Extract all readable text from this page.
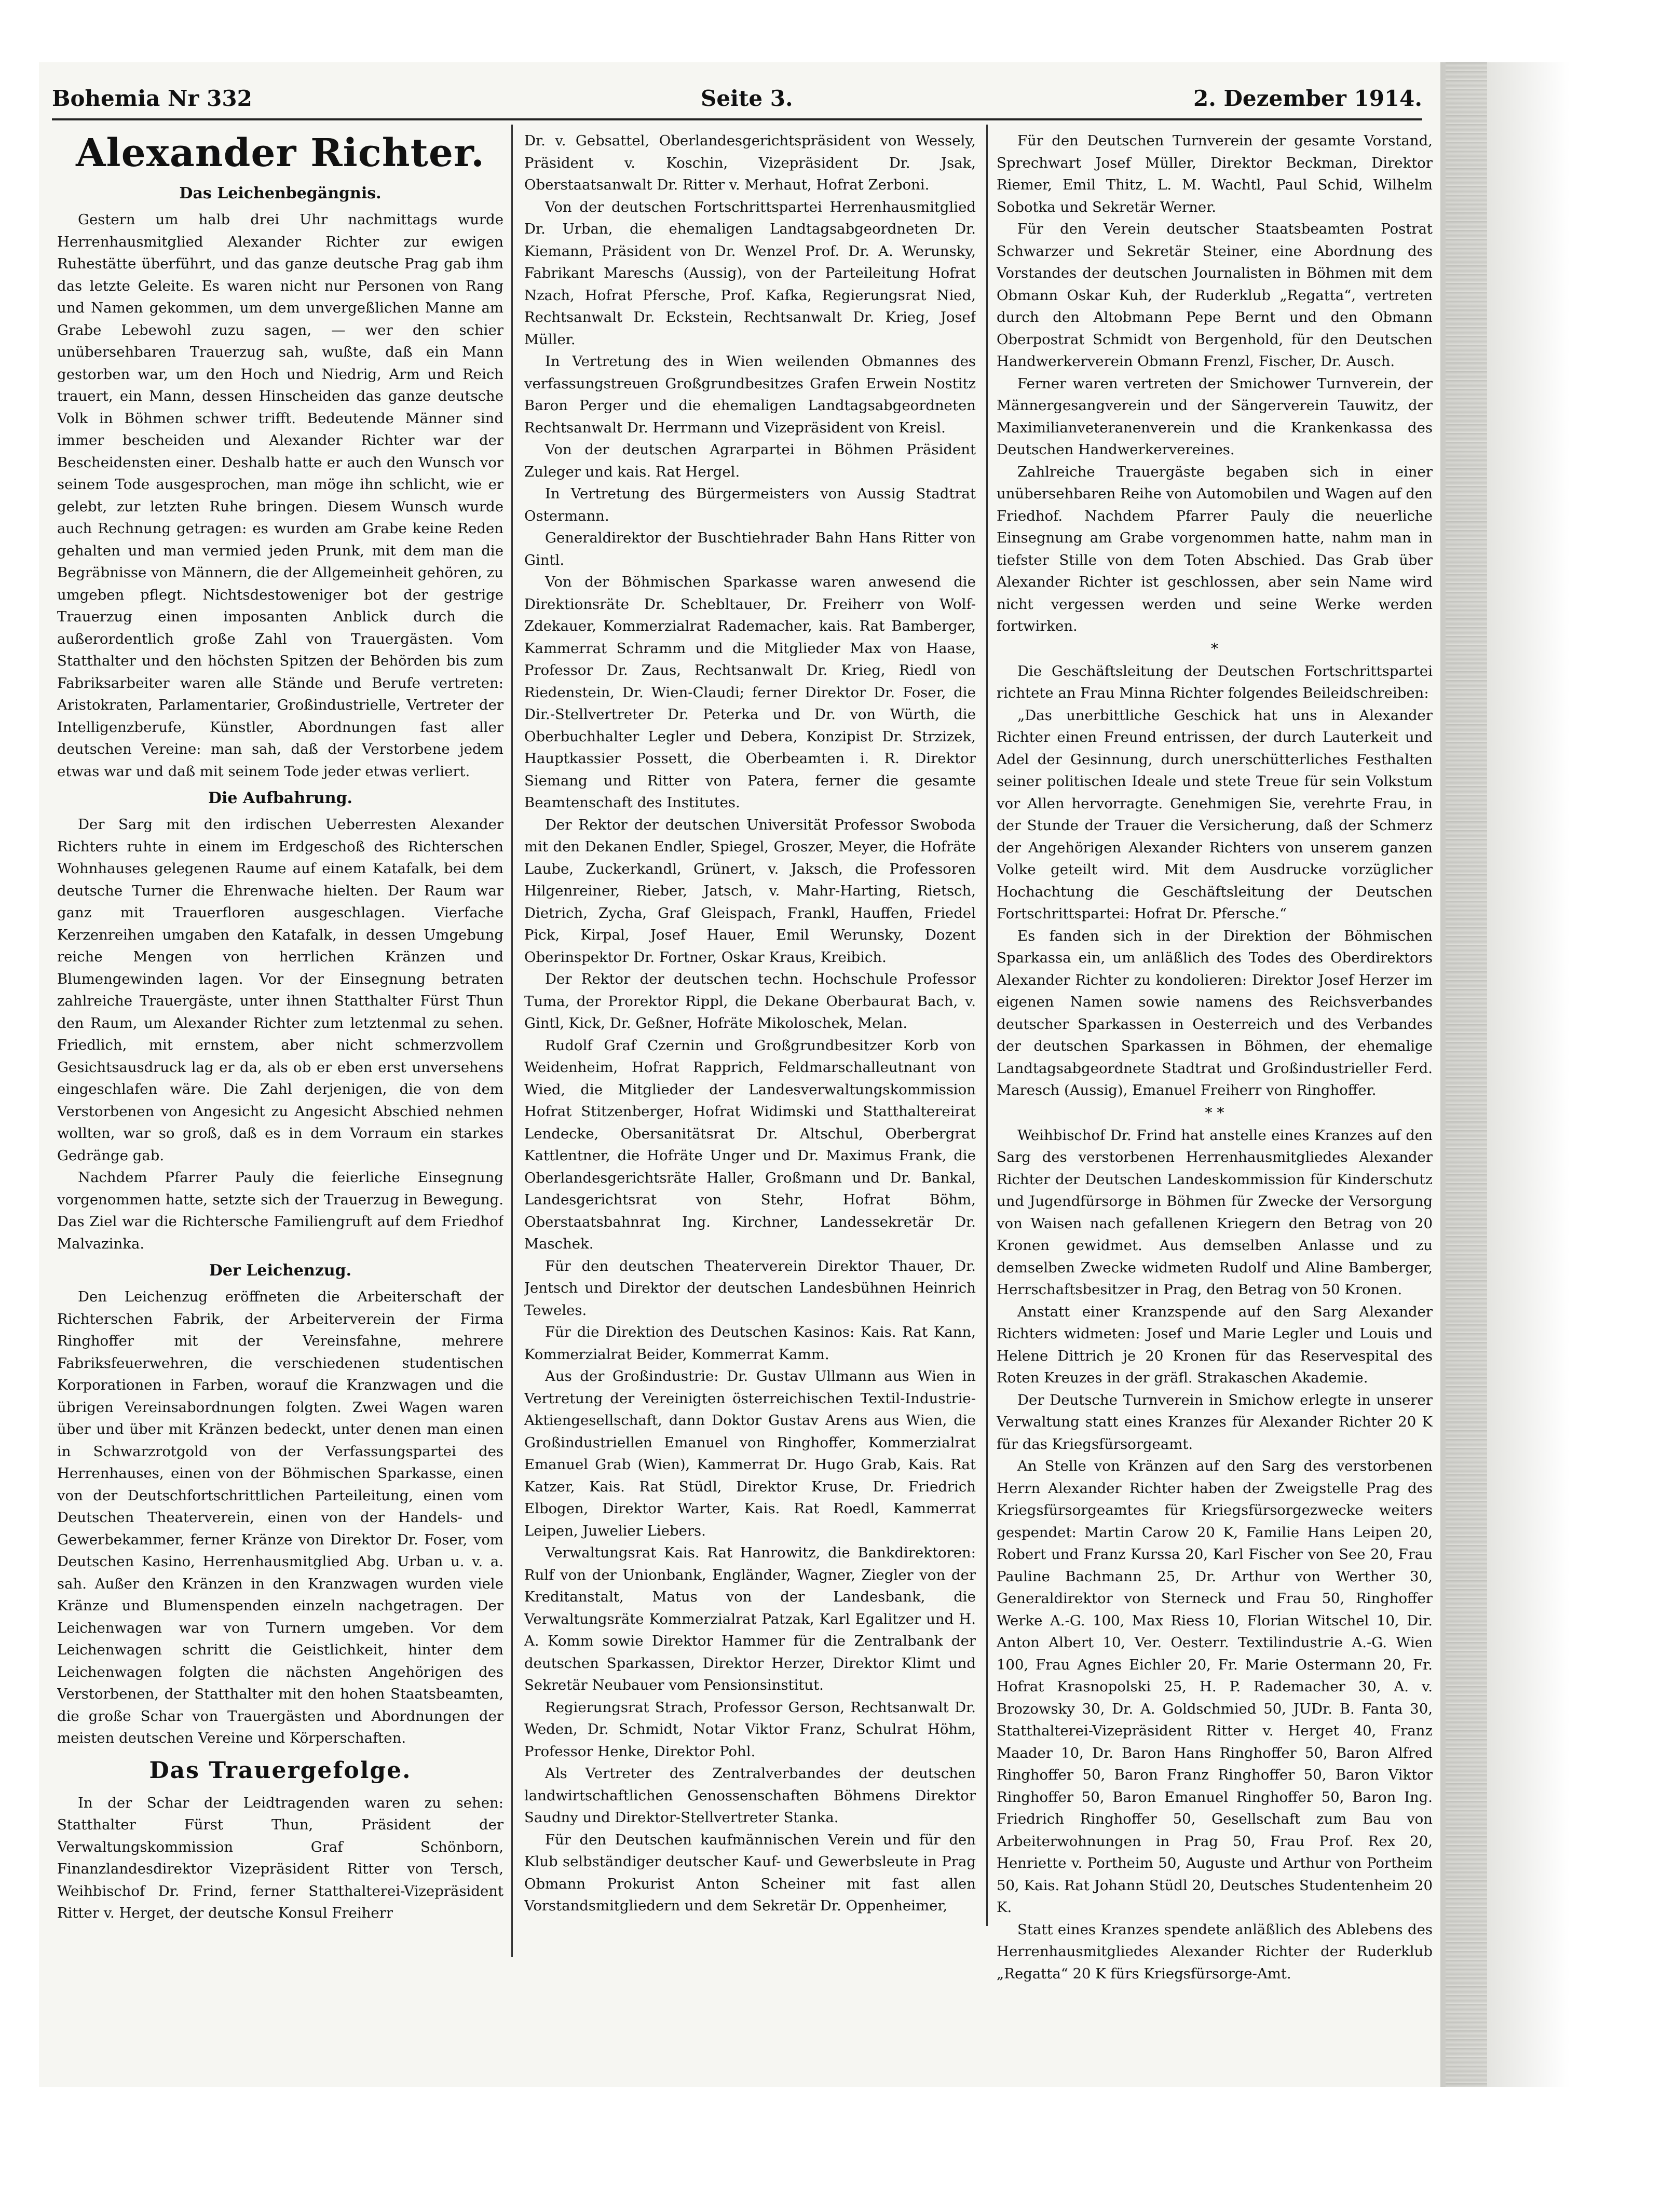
Bohemia Nr 332	Seite 3.	2. Dezember 1914.
Alexander Richter.
Das Leichenbegängnis.

Gestern um halb drei Uhr nachmittags wurde Herrenhausmitglied Alexander Richter zur ewigen Ruhestätte überführt, und das ganze deutsche Prag gab ihm das letzte Geleite. Es waren nicht nur Personen von Rang und Namen gekommen, um dem unvergeßlichen Manne am Grabe Lebewohl zuzu sagen, — wer den schier unübersehbaren Trauerzug sah, wußte, daß ein Mann gestorben war, um den Hoch und Niedrig, Arm und Reich trauert, ein Mann, dessen Hinscheiden das ganze deutsche Volk in Böhmen schwer trifft. Bedeutende Männer sind immer bescheiden und Alexander Richter war der Bescheidensten einer. Deshalb hatte er auch den Wunsch vor seinem Tode ausgesprochen, man möge ihn schlicht, wie er gelebt, zur letzten Ruhe bringen. Diesem Wunsch wurde auch Rechnung getragen: es wurden am Grabe keine Reden gehalten und man vermied jeden Prunk, mit dem man die Begräbnisse von Männern, die der Allgemeinheit gehören, zu umgeben pflegt. Nichtsdestoweniger bot der gestrige Trauerzug einen imposanten Anblick durch die außerordentlich große Zahl von Trauergästen. Vom Statthalter und den höchsten Spitzen der Behörden bis zum Fabriksarbeiter waren alle Stände und Berufe vertreten: Aristokraten, Parlamentarier, Großindustrielle, Vertreter der Intelligenzberufe, Künstler, Abordnungen fast aller deutschen Vereine: man sah, daß der Verstorbene jedem etwas war und daß mit seinem Tode jeder etwas verliert.

Die Aufbahrung.

Der Sarg mit den irdischen Ueberresten Alexander Richters ruhte in einem im Erdgeschoß des Richterschen Wohnhauses gelegenen Raume auf einem Katafalk, bei dem deutsche Turner die Ehrenwache hielten. Der Raum war ganz mit Trauerfloren ausgeschlagen. Vierfache Kerzenreihen umgaben den Katafalk, in dessen Umgebung reiche Mengen von herrlichen Kränzen und Blumengewinden lagen. Vor der Einsegnung betraten zahlreiche Trauergäste, unter ihnen Statthalter Fürst Thun den Raum, um Alexander Richter zum letztenmal zu sehen. Friedlich, mit ernstem, aber nicht schmerzvollem Gesichtsausdruck lag er da, als ob er eben erst unversehens eingeschlafen wäre. Die Zahl derjenigen, die von dem Verstorbenen von Angesicht zu Angesicht Abschied nehmen wollten, war so groß, daß es in dem Vorraum ein starkes Gedränge gab.

Nachdem Pfarrer Pauly die feierliche Einsegnung vorgenommen hatte, setzte sich der Trauerzug in Bewegung. Das Ziel war die Richtersche Familiengruft auf dem Friedhof Malvazinka.

Der Leichenzug.

Den Leichenzug eröffneten die Arbeiterschaft der Richterschen Fabrik, der Arbeiterverein der Firma Ringhoffer mit der Vereinsfahne, mehrere Fabriksfeuerwehren, die verschiedenen studentischen Korporationen in Farben, worauf die Kranzwagen und die übrigen Vereinsabordnungen folgten. Zwei Wagen waren über und über mit Kränzen bedeckt, unter denen man einen in Schwarzrotgold von der Verfassungspartei des Herrenhauses, einen von der Böhmischen Sparkasse, einen von der Deutschfortschrittlichen Parteileitung, einen vom Deutschen Theaterverein, einen von der Handels- und Gewerbekammer, ferner Kränze von Direktor Dr. Foser, vom Deutschen Kasino, Herrenhausmitglied Abg. Urban u. v. a. sah. Außer den Kränzen in den Kranzwagen wurden viele Kränze und Blumenspenden einzeln nachgetragen. Der Leichenwagen war von Turnern umgeben. Vor dem Leichenwagen schritt die Geistlichkeit, hinter dem Leichenwagen folgten die nächsten Angehörigen des Verstorbenen, der Statthalter mit den hohen Staatsbeamten, die große Schar von Trauergästen und Abordnungen der meisten deutschen Vereine und Körperschaften.

Das Trauergefolge.

In der Schar der Leidtragenden waren zu sehen: Statthalter Fürst Thun, Präsident der Verwaltungskommission Graf Schönborn, Finanzlandesdirektor Vizepräsident Ritter von Tersch, Weihbischof Dr. Frind, ferner Statthalterei-Vizepräsident Ritter v. Herget, der deutsche Konsul Freiherr

Dr. v. Gebsattel, Oberlandesgerichtspräsident von Wessely, Präsident v. Koschin, Vizepräsident Dr. Jsak, Oberstaatsanwalt Dr. Ritter v. Merhaut, Hofrat Zerboni.

Von der deutschen Fortschrittspartei Herrenhausmitglied Dr. Urban, die ehemaligen Landtagsabgeordneten Dr. Kiemann, Präsident von Dr. Wenzel Prof. Dr. A. Werunsky, Fabrikant Mareschs (Aussig), von der Parteileitung Hofrat Nzach, Hofrat Pfersche, Prof. Kafka, Regierungsrat Nied, Rechtsanwalt Dr. Eckstein, Rechtsanwalt Dr. Krieg, Josef Müller.

In Vertretung des in Wien weilenden Obmannes des verfassungstreuen Großgrundbesitzes Grafen Erwein Nostitz Baron Perger und die ehemaligen Landtagsabgeordneten Rechtsanwalt Dr. Herrmann und Vizepräsident von Kreisl.

Von der deutschen Agrarpartei in Böhmen Präsident Zuleger und kais. Rat Hergel.

In Vertretung des Bürgermeisters von Aussig Stadtrat Ostermann.

Generaldirektor der Buschtiehrader Bahn Hans Ritter von Gintl.

Von der Böhmischen Sparkasse waren anwesend die Direktionsräte Dr. Schebltauer, Dr. Freiherr von Wolf-Zdekauer, Kommerzialrat Rademacher, kais. Rat Bamberger, Kammerrat Schramm und die Mitglieder Max von Haase, Professor Dr. Zaus, Rechtsanwalt Dr. Krieg, Riedl von Riedenstein, Dr. Wien-Claudi; ferner Direktor Dr. Foser, die Dir.-Stellvertreter Dr. Peterka und Dr. von Würth, die Oberbuchhalter Legler und Debera, Konzipist Dr. Strzizek, Hauptkassier Possett, die Oberbeamten i. R. Direktor Siemang und Ritter von Patera, ferner die gesamte Beamtenschaft des Institutes.

Der Rektor der deutschen Universität Professor Swoboda mit den Dekanen Endler, Spiegel, Groszer, Meyer, die Hofräte Laube, Zuckerkandl, Grünert, v. Jaksch, die Professoren Hilgenreiner, Rieber, Jatsch, v. Mahr-Harting, Rietsch, Dietrich, Zycha, Graf Gleispach, Frankl, Hauffen, Friedel Pick, Kirpal, Josef Hauer, Emil Werunsky, Dozent Oberinspektor Dr. Fortner, Oskar Kraus, Kreibich.

Der Rektor der deutschen techn. Hochschule Professor Tuma, der Prorektor Rippl, die Dekane Oberbaurat Bach, v. Gintl, Kick, Dr. Geßner, Hofräte Mikoloschek, Melan.

Rudolf Graf Czernin und Großgrundbesitzer Korb von Weidenheim, Hofrat Rapprich, Feldmarschalleutnant von Wied, die Mitglieder der Landesverwaltungskommission Hofrat Stitzenberger, Hofrat Widimski und Statthaltereirat Lendecke, Obersanitätsrat Dr. Altschul, Oberbergrat Kattlentner, die Hofräte Unger und Dr. Maximus Frank, die Oberlandesgerichtsräte Haller, Großmann und Dr. Bankal, Landesgerichtsrat von Stehr, Hofrat Böhm, Oberstaatsbahnrat Ing. Kirchner, Landessekretär Dr. Maschek.

Für den deutschen Theaterverein Direktor Thauer, Dr. Jentsch und Direktor der deutschen Landesbühnen Heinrich Teweles.

Für die Direktion des Deutschen Kasinos: Kais. Rat Kann, Kommerzialrat Beider, Kommerrat Kamm.

Aus der Großindustrie: Dr. Gustav Ullmann aus Wien in Vertretung der Vereinigten österreichischen Textil-Industrie-Aktiengesellschaft, dann Doktor Gustav Arens aus Wien, die Großindustriellen Emanuel von Ringhoffer, Kommerzialrat Emanuel Grab (Wien), Kammerrat Dr. Hugo Grab, Kais. Rat Katzer, Kais. Rat Stüdl, Direktor Kruse, Dr. Friedrich Elbogen, Direktor Warter, Kais. Rat Roedl, Kammerrat Leipen, Juwelier Liebers.

Verwaltungsrat Kais. Rat Hanrowitz, die Bankdirektoren: Rulf von der Unionbank, Engländer, Wagner, Ziegler von der Kreditanstalt, Matus von der Landesbank, die Verwaltungsräte Kommerzialrat Patzak, Karl Egalitzer und H. A. Komm sowie Direktor Hammer für die Zentralbank der deutschen Sparkassen, Direktor Herzer, Direktor Klimt und Sekretär Neubauer vom Pensionsinstitut.

Regierungsrat Strach, Professor Gerson, Rechtsanwalt Dr. Weden, Dr. Schmidt, Notar Viktor Franz, Schulrat Höhm, Professor Henke, Direktor Pohl.

Als Vertreter des Zentralverbandes der deutschen landwirtschaftlichen Genossenschaften Böhmens Direktor Saudny und Direktor-Stellvertreter Stanka.

Für den Deutschen kaufmännischen Verein und für den Klub selbständiger deutscher Kauf- und Gewerbsleute in Prag Obmann Prokurist Anton Scheiner mit fast allen Vorstandsmitgliedern und dem Sekretär Dr. Oppenheimer,

Für den Deutschen Turnverein der gesamte Vorstand, Sprechwart Josef Müller, Direktor Beckman, Direktor Riemer, Emil Thitz, L. M. Wachtl, Paul Schid, Wilhelm Sobotka und Sekretär Werner.

Für den Verein deutscher Staatsbeamten Postrat Schwarzer und Sekretär Steiner, eine Abordnung des Vorstandes der deutschen Journalisten in Böhmen mit dem Obmann Oskar Kuh, der Ruderklub „Regatta“, vertreten durch den Altobmann Pepe Bernt und den Obmann Oberpostrat Schmidt von Bergenhold, für den Deutschen Handwerkerverein Obmann Frenzl, Fischer, Dr. Ausch.

Ferner waren vertreten der Smichower Turnverein, der Männergesangverein und der Sängerverein Tauwitz, der Maximilianveteranenverein und die Krankenkassa des Deutschen Handwerkervereines.

Zahlreiche Trauergäste begaben sich in einer unübersehbaren Reihe von Automobilen und Wagen auf den Friedhof. Nachdem Pfarrer Pauly die neuerliche Einsegnung am Grabe vorgenommen hatte, nahm man in tiefster Stille von dem Toten Abschied. Das Grab über Alexander Richter ist geschlossen, aber sein Name wird nicht vergessen werden und seine Werke werden fortwirken.

*

Die Geschäftsleitung der Deutschen Fortschrittspartei richtete an Frau Minna Richter folgendes Beileidschreiben:

„Das unerbittliche Geschick hat uns in Alexander Richter einen Freund entrissen, der durch Lauterkeit und Adel der Gesinnung, durch unerschütterliches Festhalten seiner politischen Ideale und stete Treue für sein Volkstum vor Allen hervorragte. Genehmigen Sie, verehrte Frau, in der Stunde der Trauer die Versicherung, daß der Schmerz der Angehörigen Alexander Richters von unserem ganzen Volke geteilt wird. Mit dem Ausdrucke vorzüglicher Hochachtung die Geschäftsleitung der Deutschen Fortschrittspartei: Hofrat Dr. Pfersche.“

Es fanden sich in der Direktion der Böhmischen Sparkassa ein, um anläßlich des Todes des Oberdirektors Alexander Richter zu kondolieren: Direktor Josef Herzer im eigenen Namen sowie namens des Reichsverbandes deutscher Sparkassen in Oesterreich und des Verbandes der deutschen Sparkassen in Böhmen, der ehemalige Landtagsabgeordnete Stadtrat und Großindustrieller Ferd. Maresch (Aussig), Emanuel Freiherr von Ringhoffer.

* *

Weihbischof Dr. Frind hat anstelle eines Kranzes auf den Sarg des verstorbenen Herrenhausmitgliedes Alexander Richter der Deutschen Landeskommission für Kinderschutz und Jugendfürsorge in Böhmen für Zwecke der Versorgung von Waisen nach gefallenen Kriegern den Betrag von 20 Kronen gewidmet. Aus demselben Anlasse und zu demselben Zwecke widmeten Rudolf und Aline Bamberger, Herrschaftsbesitzer in Prag, den Betrag von 50 Kronen.

Anstatt einer Kranzspende auf den Sarg Alexander Richters widmeten: Josef und Marie Legler und Louis und Helene Dittrich je 20 Kronen für das Reservespital des Roten Kreuzes in der gräfl. Strakaschen Akademie.

Der Deutsche Turnverein in Smichow erlegte in unserer Verwaltung statt eines Kranzes für Alexander Richter 20 K für das Kriegsfürsorgeamt.

An Stelle von Kränzen auf den Sarg des verstorbenen Herrn Alexander Richter haben der Zweigstelle Prag des Kriegsfürsorgeamtes für Kriegsfürsorgezwecke weiters gespendet: Martin Carow 20 K, Familie Hans Leipen 20, Robert und Franz Kurssa 20, Karl Fischer von See 20, Frau Pauline Bachmann 25, Dr. Arthur von Werther 30, Generaldirektor von Sterneck und Frau 50, Ringhoffer Werke A.-G. 100, Max Riess 10, Florian Witschel 10, Dir. Anton Albert 10, Ver. Oesterr. Textilindustrie A.-G. Wien 100, Frau Agnes Eichler 20, Fr. Marie Ostermann 20, Fr. Hofrat Krasnopolski 25, H. P. Rademacher 30, A. v. Brozowsky 30, Dr. A. Goldschmied 50, JUDr. B. Fanta 30, Statthalterei-Vizepräsident Ritter v. Herget 40, Franz Maader 10, Dr. Baron Hans Ringhoffer 50, Baron Alfred Ringhoffer 50, Baron Franz Ringhoffer 50, Baron Viktor Ringhoffer 50, Baron Emanuel Ringhoffer 50, Baron Ing. Friedrich Ringhoffer 50, Gesellschaft zum Bau von Arbeiterwohnungen in Prag 50, Frau Prof. Rex 20, Henriette v. Portheim 50, Auguste und Arthur von Portheim 50, Kais. Rat Johann Stüdl 20, Deutsches Studentenheim 20 K.

Statt eines Kranzes spendete anläßlich des Ablebens des Herrenhausmitgliedes Alexander Richter der Ruderklub „Regatta“ 20 K fürs Kriegsfürsorge-Amt.
